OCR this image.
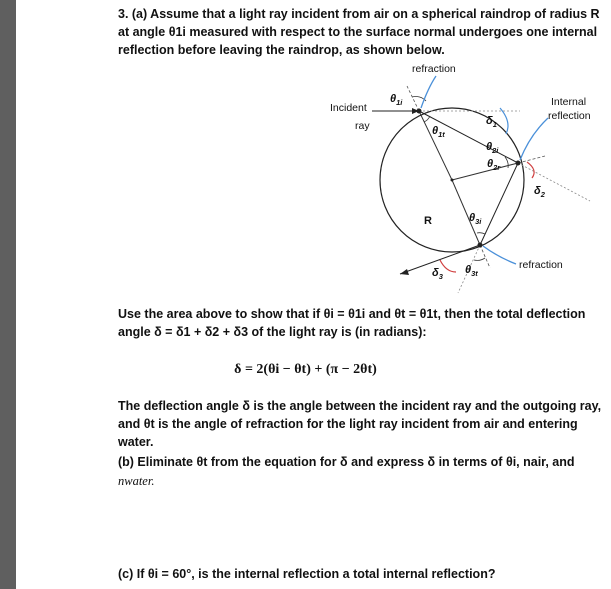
3. (a) Assume that a light ray incident from air on a spherical raindrop of radius R
at angle θ1i measured with respect to the surface normal undergoes one internal
reflection before leaving the raindrop, as shown below.
refraction
Incident
ray
Internal
reflection
refraction
R
$\theta_{1i}$
$\theta_{1t}$
$\delta_1$
$\theta_{2i}$
$\theta_{2r}$
$\delta_2$
$\theta_{3i}$
$\theta_{3t}$
$\delta_3$
Use the area above to show that if θi = θ1i and θt = θ1t, then the total deflection
angle δ = δ1 + δ2 + δ3 of the light ray is (in radians):
δ = 2(θi − θt) + (π − 2θt)
The deflection angle δ is the angle between the incident ray and the outgoing ray,
and θt is the angle of refraction for the light ray incident from air and entering water.
(b) Eliminate θt from the equation for δ and express δ in terms of θi, nair, and
nwater.
(c) If θi = 60°, is the internal reflection a total internal reflection?
